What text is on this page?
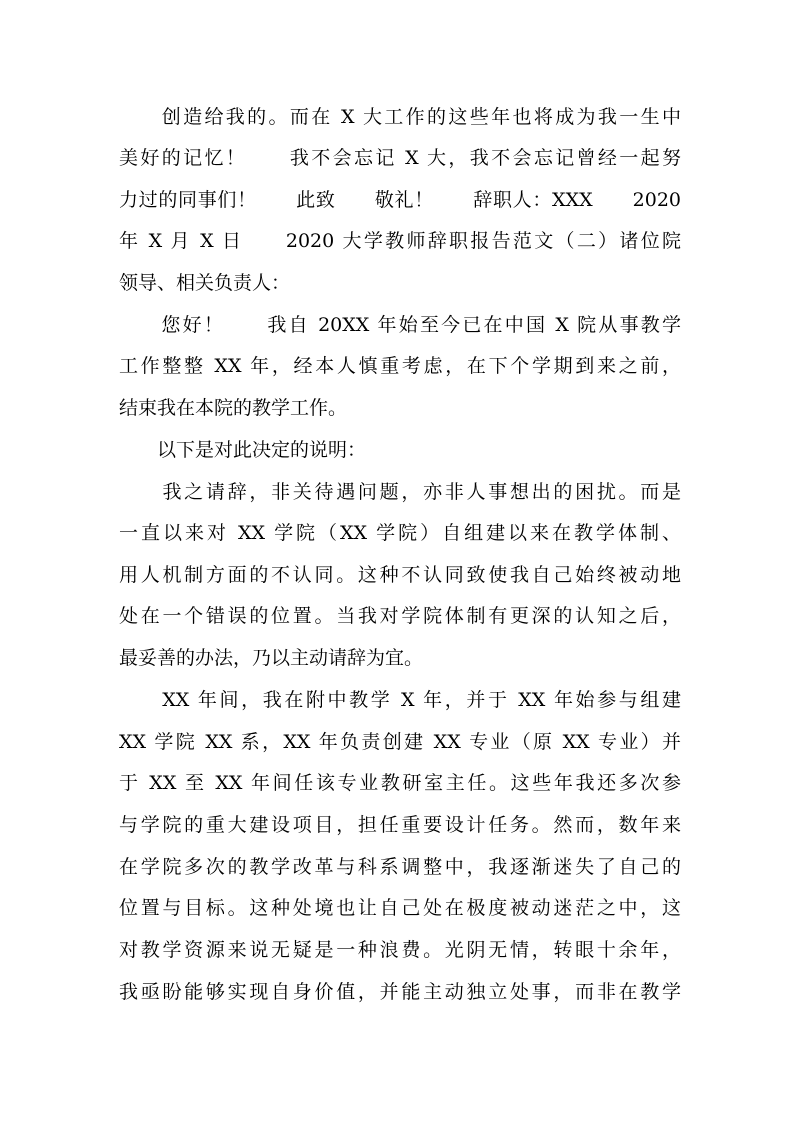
　　创造给我的。而在 X 大工作的这些年也将成为我一生中
美好的记忆！　　我不会忘记 X 大，我不会忘记曾经一起努
力过的同事们！　　此致　　敬礼！　　辞职人：XXX　　2020
年 X 月 X 日　　2020 大学教师辞职报告范文（二）诸位院
领导、相关负责人：
　　您好！　　我自 20XX 年始至今已在中国 X 院从事教学
工作整整 XX 年，经本人慎重考虑，在下个学期到来之前，
结束我在本院的教学工作。
　　以下是对此决定的说明：
　　我之请辞，非关待遇问题，亦非人事想出的困扰。而是
一直以来对 XX 学院（XX 学院）自组建以来在教学体制、
用人机制方面的不认同。这种不认同致使我自己始终被动地
处在一个错误的位置。当我对学院体制有更深的认知之后，
最妥善的办法，乃以主动请辞为宜。
　　XX 年间，我在附中教学 X 年，并于 XX 年始参与组建
XX 学院 XX 系，XX 年负责创建 XX 专业（原 XX 专业）并
于 XX 至 XX 年间任该专业教研室主任。这些年我还多次参
与学院的重大建设项目，担任重要设计任务。然而，数年来
在学院多次的教学改革与科系调整中，我逐渐迷失了自己的
位置与目标。这种处境也让自己处在极度被动迷茫之中，这
对教学资源来说无疑是一种浪费。光阴无情，转眼十余年，
我亟盼能够实现自身价值，并能主动独立处事，而非在教学
